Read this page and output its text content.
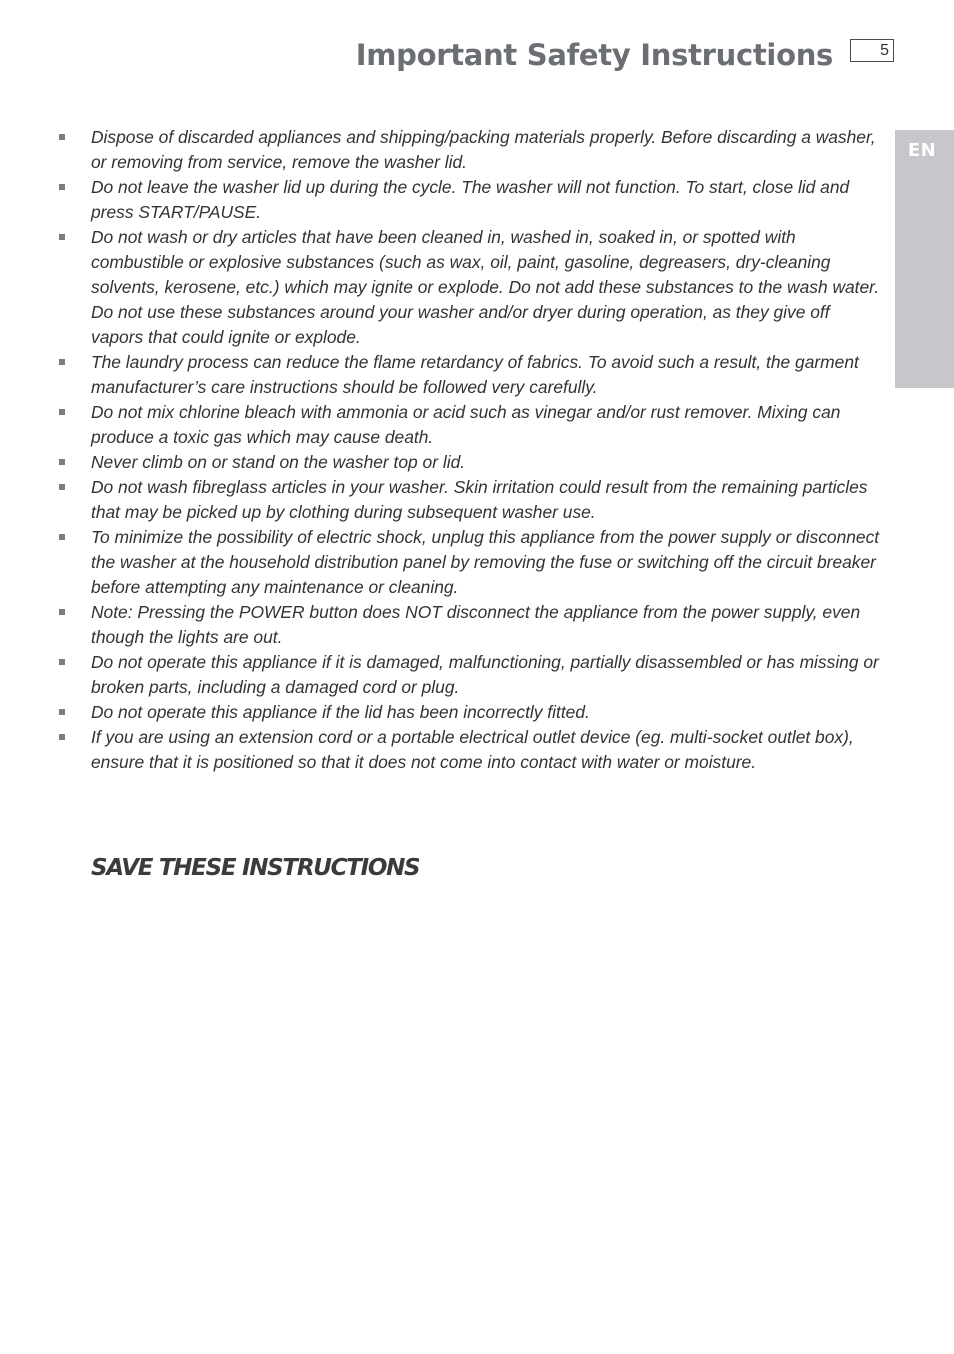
Important Safety Instructions	5
EN
Dispose of discarded appliances and shipping/packing materials properly. Before discarding a washer, or removing from service, remove the washer lid.
Do not leave the washer lid up during the cycle. The washer will not function. To start, close lid and press START/PAUSE.
Do not wash or dry articles that have been cleaned in, washed in, soaked in, or spotted with combustible or explosive substances (such as wax, oil, paint, gasoline, degreasers, dry-cleaning solvents, kerosene, etc.) which may ignite or explode. Do not add these substances to the wash water. Do not use these substances around your washer and/or dryer during operation, as they give off vapors that could ignite or explode.
The laundry process can reduce the flame retardancy of fabrics. To avoid such a result, the garment manufacturer’s care instructions should be followed very carefully.
Do not mix chlorine bleach with ammonia or acid such as vinegar and/or rust remover. Mixing can produce a toxic gas which may cause death.
Never climb on or stand on the washer top or lid.
Do not wash fibreglass articles in your washer. Skin irritation could result from the remaining particles that may be picked up by clothing during subsequent washer use.
To minimize the possibility of electric shock, unplug this appliance from the power supply or disconnect the washer at the household distribution panel by removing the fuse or switching off the circuit breaker before attempting any maintenance or cleaning.
Note: Pressing the POWER button does NOT disconnect the appliance from the power supply, even though the lights are out.
Do not operate this appliance if it is damaged, malfunctioning, partially disassembled or has missing or broken parts, including a damaged cord or plug.
Do not operate this appliance if the lid has been incorrectly fitted.
If you are using an extension cord or a portable electrical outlet device (eg. multi-socket outlet box), ensure that it is positioned so that it does not come into contact with water or moisture.
SAVE THESE INSTRUCTIONS
